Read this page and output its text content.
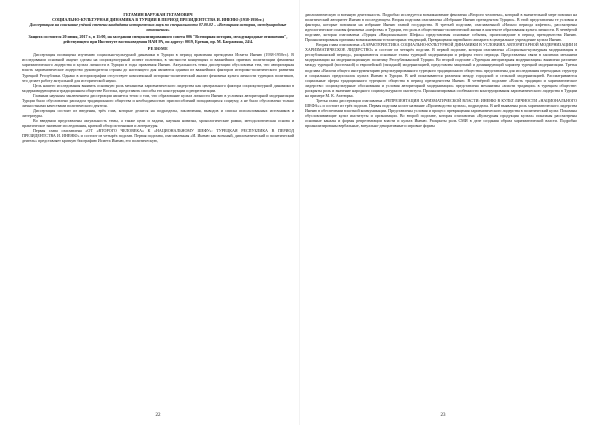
ГЕГАМЯН ВАРУЖАН ГЕГАМОВИЧ

СОЦИАЛЬНО-КУЛЬТУРНАЯ ДИНАМИКА В ТУРЦИИ В ПЕРИОД ПРЕЗИДЕНТСТВА И. ИНЕНЮ (1938-1950гг.)

Диссертация на соискание учёной степени кандидата исторических наук по специальности 07.00.02 – «Всемирная история, международные отношения»

Защита состоится 20 июня, 2017 г., в 11:00, на заседании специализированного совета 006 "Всемирная история, международные отношения", действующего при Институте востоковедения НАН РА, по адресу: 0019, Ереван, пр. М. Баграмяна, 24/4.

РЕЗЮМЕ

Диссертация посвящена изучению социально-культурной динамики в Турции в период правления президента Исмета Иненю (1938-1950гг.). В исследовании основной акцент сделан на социокультурный аспект политики, в частности концепциях и важнейших приемах политизации феномена харизматического лидерства и культа личности в Турции в годы правления Иненю. Актуальность темы диссертации обусловлена тем, что авторитарная власть харизматическое лидерство руководителя страны до настоящего дня являются одними из важнейших факторов историко-политического развития Турецкой Республики. Однако в историографии отсутствует комплексный историко-политический анализ феномена культа личности турецких политиков, что делает работу актуальной для исторической науки.

Цель нашего исследования выявить основную роль механизма харизматического лидерства как центрального фактора социокультурной динамики в модернизирующемся традиционном обществе Востока, представить способы его конструкции и репрезентации.

Главным научным заключением диссертации является тезис о том, что образование культа личности Иненю в условиях авторитарной модернизации Турции было обусловлено распадом традиционного общества и необходимостью приспособлений попадающихся социуму, а не было обусловлено только личностными качествами политического деятеля.

Диссертация состоит из введения, трёх глав, которые делятся на подразделы, заключения, выводов и списка использованных источников и литературы.

Во введении представлены актуальность темы, а также цели и задачи, научная новизна, хронологические рамки, методологическая основа и практическое значение исследования, краткий обзор источников и литературы.

Первая глава озаглавлена «ОТ «ВТОРОГО ЧЕЛОВЕКА» К «НАЦИОНАЛЬНОМУ ШЕФУ»: ТУРЕЦКАЯ РЕСПУБЛИКА В ПЕРИОД ПРЕЗИДЕНТСТВА И. ИНЕНЮ» и состоит из четырёх подглав. Первая подглава, озаглавленная «И. Иненю как военный, дипломатический и политический деятель» представляет краткую биографию Исмета Иненю, его политическую,

дипломатическую и военную деятельность. Подробно исследуется возникновение феномена «Второго человека», который в значительной мере повлиял на политический авторитет Иненю в последующем. Вторая подглава озаглавлена «Избрание Иненю президентом Турции». В этой представлены те условия и факторы, которые повлияли на избрание Иненю главой государства. В третьей подглаве, озаглавленной «Начало периода кэфетиз», рассмотрены идеологические основы феномена «шефства» в Турции, его роль в общественно-политической жизни в контексте образования культа личности. В четвёртой подглаве, которая озаглавлена «Турция «Национального Шефа»» представлены основные события, произошедшие в период президентства Иненю. Проанализированы причины возникновения тоталитарных тенденций, Превращения партийного аппарата в центральное учреждение культа Иненю.

Вторая глава озаглавлена «ХАРАКТЕРИСТИКА СОЦИАЛЬНО-КУЛЬТУРНОЙ ДИНАМИКИ В УСЛОВИЯХ АВТОРИТАРНОЙ МОДЕРНИЗАЦИИ И ХАРИЗМАТИЧЕСКОЕ ЛИДЕРСТВО» и состоит из четырёх подглав. В первой подглаве, которая озаглавлена «Социально-культурная модернизация в республиканский период», раскрываются основные этапы турецкой модернизации и реформ этого периода. Представлены связи в хаоизмах механизм модернизации на модернизационную политику Республиканской Турции. Во второй подглаве «Турецкая авторитарная модернизация» выявлено различие между турецкой (восточной) и европейской (западной) модернизацией, представлен защитный и доминирующий характер турецкой модернизации. Третья подглава «Вилочи общего инструментарию рекультурированного турецкого традиционного общества» представлены для исследования переходных структур и социальных предпосылок культа Иненю в Турции. В ней показываются различия между городской и сельской модернизацией. Рассматриваются социальные сферы традиционного турецкого общества в период президентства Иненю. В четвёртой подглаве «Власть традиции и харизматическое лидерство: социокультурные обоснования и условия авторитарной модернизации» представлена механизмы «власти традиции» в турецком обществе: раскрыты роль и значение народного социокультурного института. Проанализирована особенности конструирования харизматического лидерства в Турции на примере М. К. Ататюрка.

Третья глава диссертации озаглавлена «РЕПРЕЗЕНТАЦИЯ ХАРИЗМАТИЧЕСКОЙ ВЛАСТИ: ИНЕНЮ В КУЛЬТ ЛИЧНОСТИ «НАЦИОНАЛЬНОГО ШЕФА»» и состоит из трёх подглав. Первая подглава носит название «Производство культа», подразделы. В ней выявлены роль харизматического лидерства Иненю в обеспечении властной коммуникации. Представлены условия и процесс превращения харизматического лидерства в политический культ. Показаны обусловливающие культ институты и организации. Во второй подглаве, которая озаглавлена «Культурная продукция культа» показаны рассмотрены основные каналы и формы репрезентации власти и культа Иненю. Раскрыты роль СМИ в деле создания образа харизматической власти. Подробно проанализированы вербальные, визуально-декоративные и игровые формы

22	23
